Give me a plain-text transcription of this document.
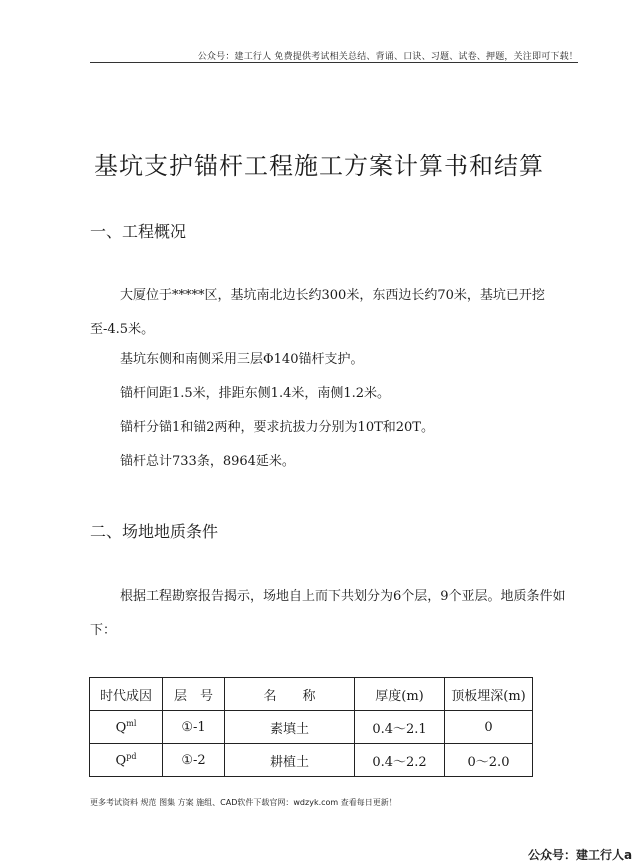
公众号：建工行人 免费提供考试相关总结、背诵、口诀、习题、试卷、押题，关注即可下载！
基坑支护锚杆工程施工方案计算书和结算
一、工程概况
大厦位于*****区，基坑南北边长约300米，东西边长约70米，基坑已开挖至-4.5米。
基坑东侧和南侧采用三层Φ140锚杆支护。
锚杆间距1.5米，排距东侧1.4米，南侧1.2米。
锚杆分锚1和锚2两种，要求抗拔力分别为10T和20T。
锚杆总计733条，8964延米。
二、场地地质条件
根据工程勘察报告揭示，场地自上而下共划分为6个层，9个亚层。地质条件如下：
时代成因	层　号	名　　称	厚度(m)	顶板埋深(m)
$Q^{ml}$	①-1	素填土	0.4～2.1	0
$Q^{pd}$	①-2	耕植土	0.4～2.2	0～2.0
更多考试资料 规范 图集 方案 施组、CAD软件下载官网：wdzyk.com 查看每日更新！
公众号：建工行人a
